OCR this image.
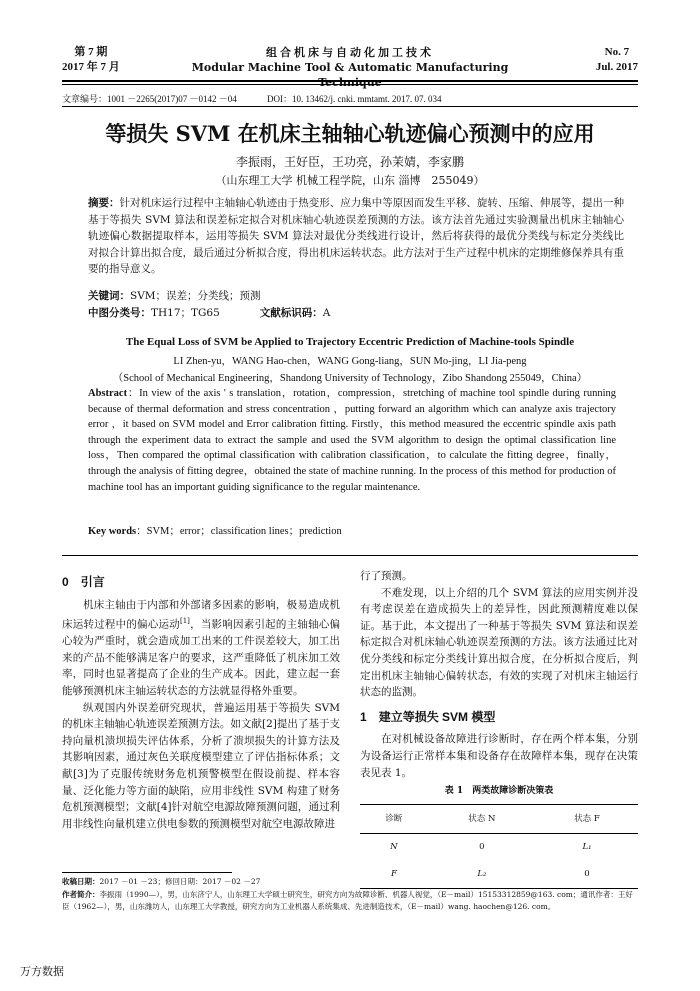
第 7 期
2017 年 7 月
组合机床与自动化加工技术
Modular Machine Tool & Automatic Manufacturing Technique
No. 7
Jul. 2017
文章编号：1001 －2265(2017)07 －0142 －04	DOI：10. 13462/j. cnki. mmtamt. 2017. 07. 034
等损失 SVM 在机床主轴轴心轨迹偏心预测中的应用
李振雨，王好臣，王功亮，孙茉婧，李家鹏
（山东理工大学 机械工程学院，山东 淄博　255049）
摘要：针对机床运行过程中主轴轴心轨迹由于热变形、应力集中等原因而发生平移、旋转、压缩、伸展等，提出一种基于等损失 SVM 算法和误差标定拟合对机床轴心轨迹误差预测的方法。该方法首先通过实验测量出机床主轴轴心轨迹偏心数据提取样本，运用等损失 SVM 算法对最优分类线进行设计，然后将获得的最优分类线与标定分类线比对拟合计算出拟合度，最后通过分析拟合度，得出机床运转状态。此方法对于生产过程中机床的定期维修保养具有重要的指导意义。
关键词：SVM；误差；分类线；预测
中图分类号：TH17；TG65	文献标识码：A
The Equal Loss of SVM be Applied to Trajectory Eccentric Prediction of Machine-tools Spindle
LI Zhen-yu，WANG Hao-chen，WANG Gong-liang，SUN Mo-jing，LI Jia-peng
（School of Mechanical Engineering，Shandong University of Technology，Zibo Shandong 255049，China）
Abstract：In view of the axis ' s translation，rotation，compression，stretching of machine tool spindle during running because of thermal deformation and stress concentration ，putting forward an algorithm which can analyze axis trajectory error ，it based on SVM model and Error calibration fitting. Firstly，this method measured the eccentric spindle axis path through the experiment data to extract the sample and used the SVM algorithm to design the optimal classification line loss，Then compared the optimal classification with calibration classification，to calculate the fitting degree，finally，through the analysis of fitting degree，obtained the state of machine running. In the process of this method for production of machine tool has an important guiding significance to the regular maintenance.
Key words：SVM；error；classification lines；prediction
0 引言

机床主轴由于内部和外部诸多因素的影响，极易造成机床运转过程中的偏心运动[1]，当影响因素引起的主轴轴心偏心较为严重时，就会造成加工出来的工件误差较大，加工出来的产品不能够满足客户的要求，这严重降低了机床加工效率，同时也显著提高了企业的生产成本。因此，建立起一套能够预测机床主轴运转状态的方法就显得格外重要。

纵观国内外误差研究现状，普遍运用基于等损失 SVM 的机床主轴轴心轨迹误差预测方法。如文献[2]提出了基于支持向量机溃坝损失评估体系，分析了溃坝损失的计算方法及其影响因素，通过灰色关联度模型建立了评估指标体系；文献[3]为了克服传统财务危机预警模型在假设前提、样本容量、泛化能力等方面的缺陷，应用非线性 SVM 构建了财务危机预测模型；文献[4]针对航空电源故障预测问题，通过利用非线性向量机建立供电参数的预测模型对航空电源故障进

行了预测。

不难发现，以上介绍的几个 SVM 算法的应用实例并没有考虑误差在造成损失上的差异性，因此预测精度难以保证。基于此，本文提出了一种基于等损失 SVM 算法和误差标定拟合对机床轴心轨迹误差预测的方法。该方法通过比对优分类线和标定分类线计算出拟合度，在分析拟合度后，判定出机床主轴轴心偏转状态，有效的实现了对机床主轴运行状态的监测。

1 建立等损失 SVM 模型

在对机械设备故障进行诊断时，存在两个样本集，分别为设备运行正常样本集和设备存在故障样本集，现存在决策表见表 1。

表 1　两类故障诊断决策表
诊断	状态 N	状态 F
N	0	L₁
F	L₂	0
收稿日期：2017 －01 －23；修回日期：2017 －02 －27
作者简介：李振雨（1990—），男，山东济宁人，山东理工大学硕士研究生，研究方向为故障诊断、机器人视觉，（E－mail）15153312859@163. com；通讯作者：王好臣（1962—），男，山东潍坊人，山东理工大学教授，研究方向为工业机器人系统集成、先进制造技术，（E－mail）wang. haochen@126. com。
万方数据
